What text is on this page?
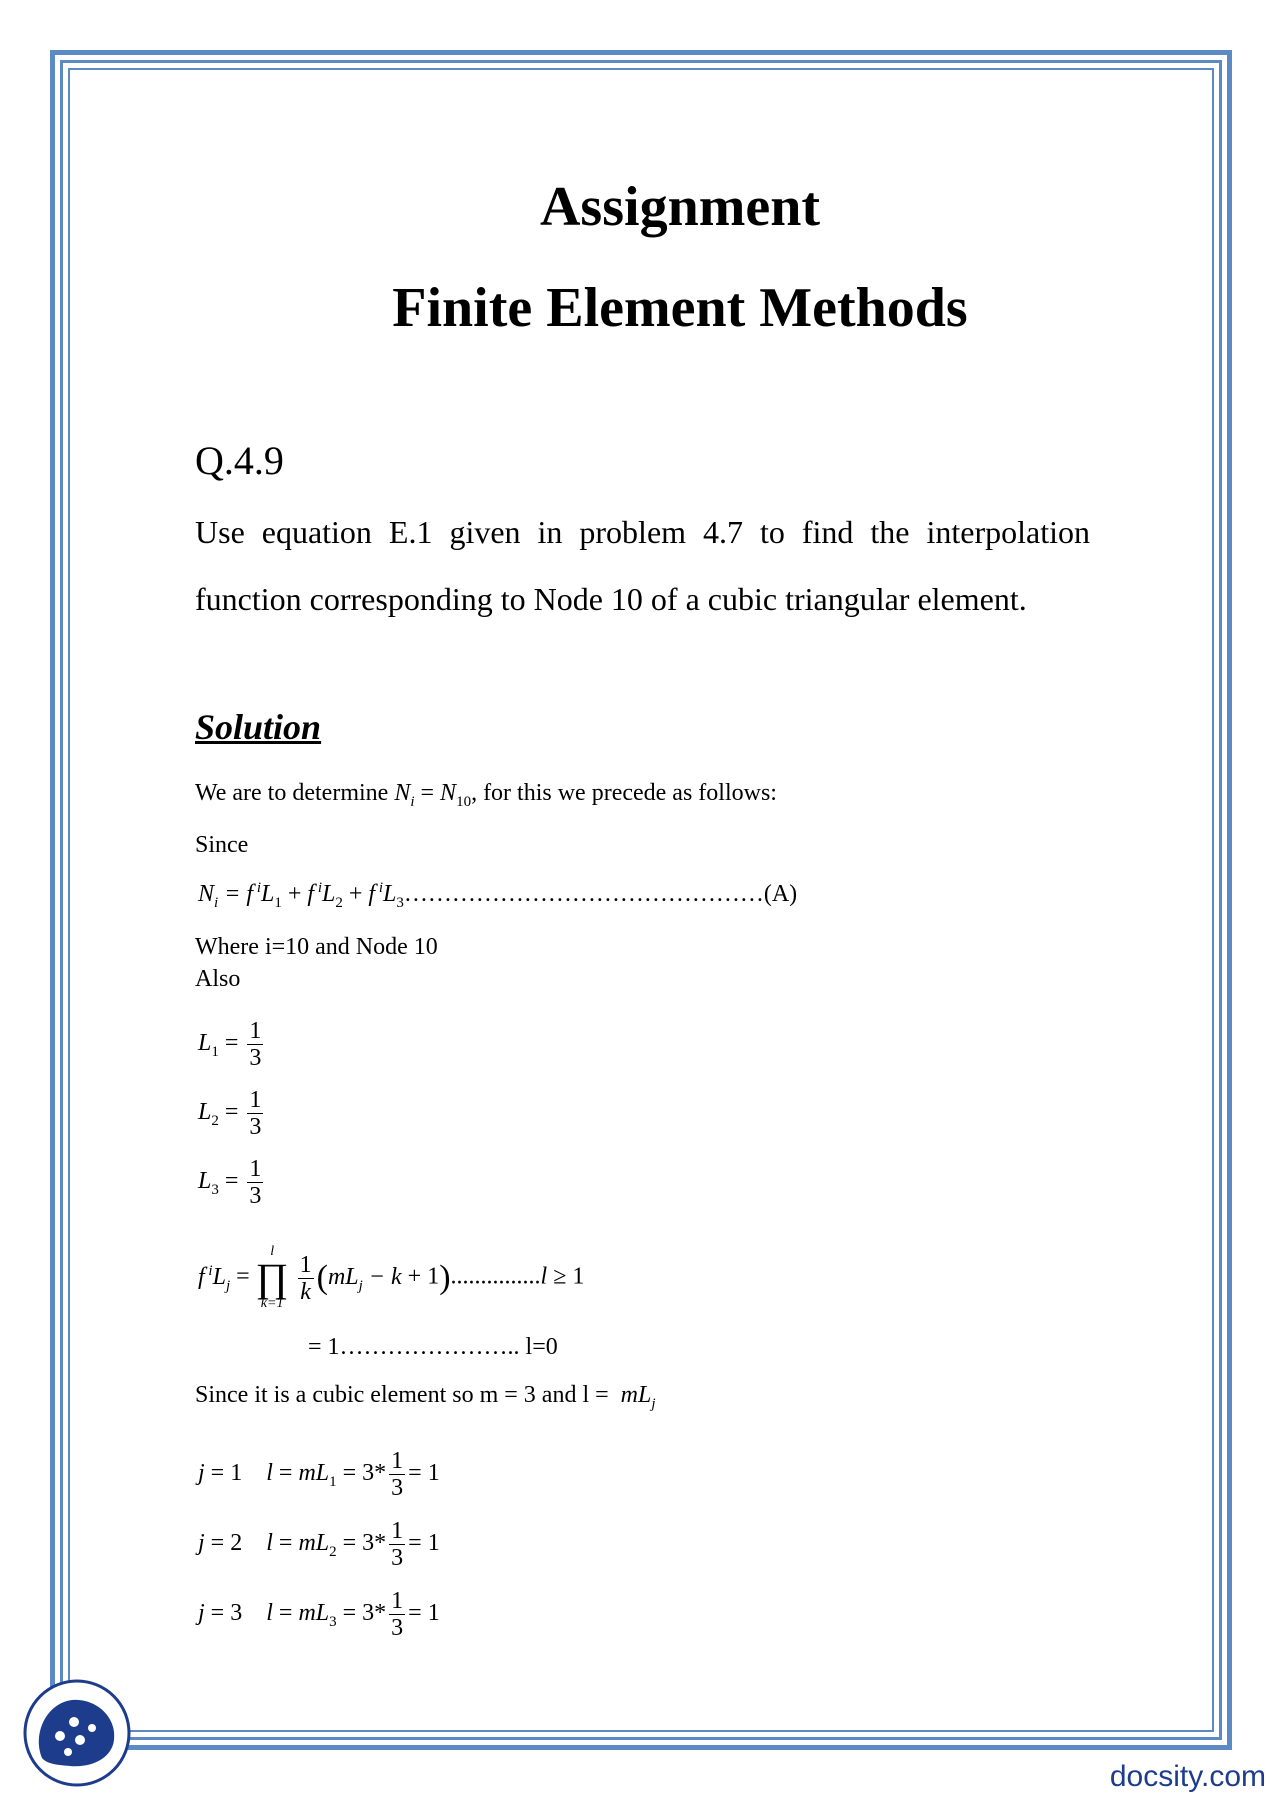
Assignment
Finite Element Methods
Q.4.9
Use equation E.1 given in problem 4.7 to find the interpolation function corresponding to Node 10 of a cubic triangular element.
Solution
We are to determine $N_i = N_{10}$, for this we precede as follows:
Since
$N_i = f$ $^iL_1 + f$ $^iL_2 + f$ $^iL_3\dots\dots\dots\dots\dots\dots\dots\dots\dots\dots\dots\dots\dots\dots\dots(A)$
Where i=10 and Node 10
Also
$L_1 = \frac{1}{3}$
$L_2 = \frac{1}{3}$
$L_3 = \frac{1}{3}$
f $^iL_j$ =
l
∏
k=1
$\frac{1}{k} (mL_j - k + 1)...............l \ge 1$
= 1………………….. l=0
Since it is a cubic element so m = 3 and $l = mL_j$
j = 1 $l = mL_1 = 3* \frac{1}{3} = 1$
j = 2 $l = mL_2 = 3* \frac{1}{3} = 1$
j = 3 $l = mL_3 = 3* \frac{1}{3} = 1$
docsity.com
